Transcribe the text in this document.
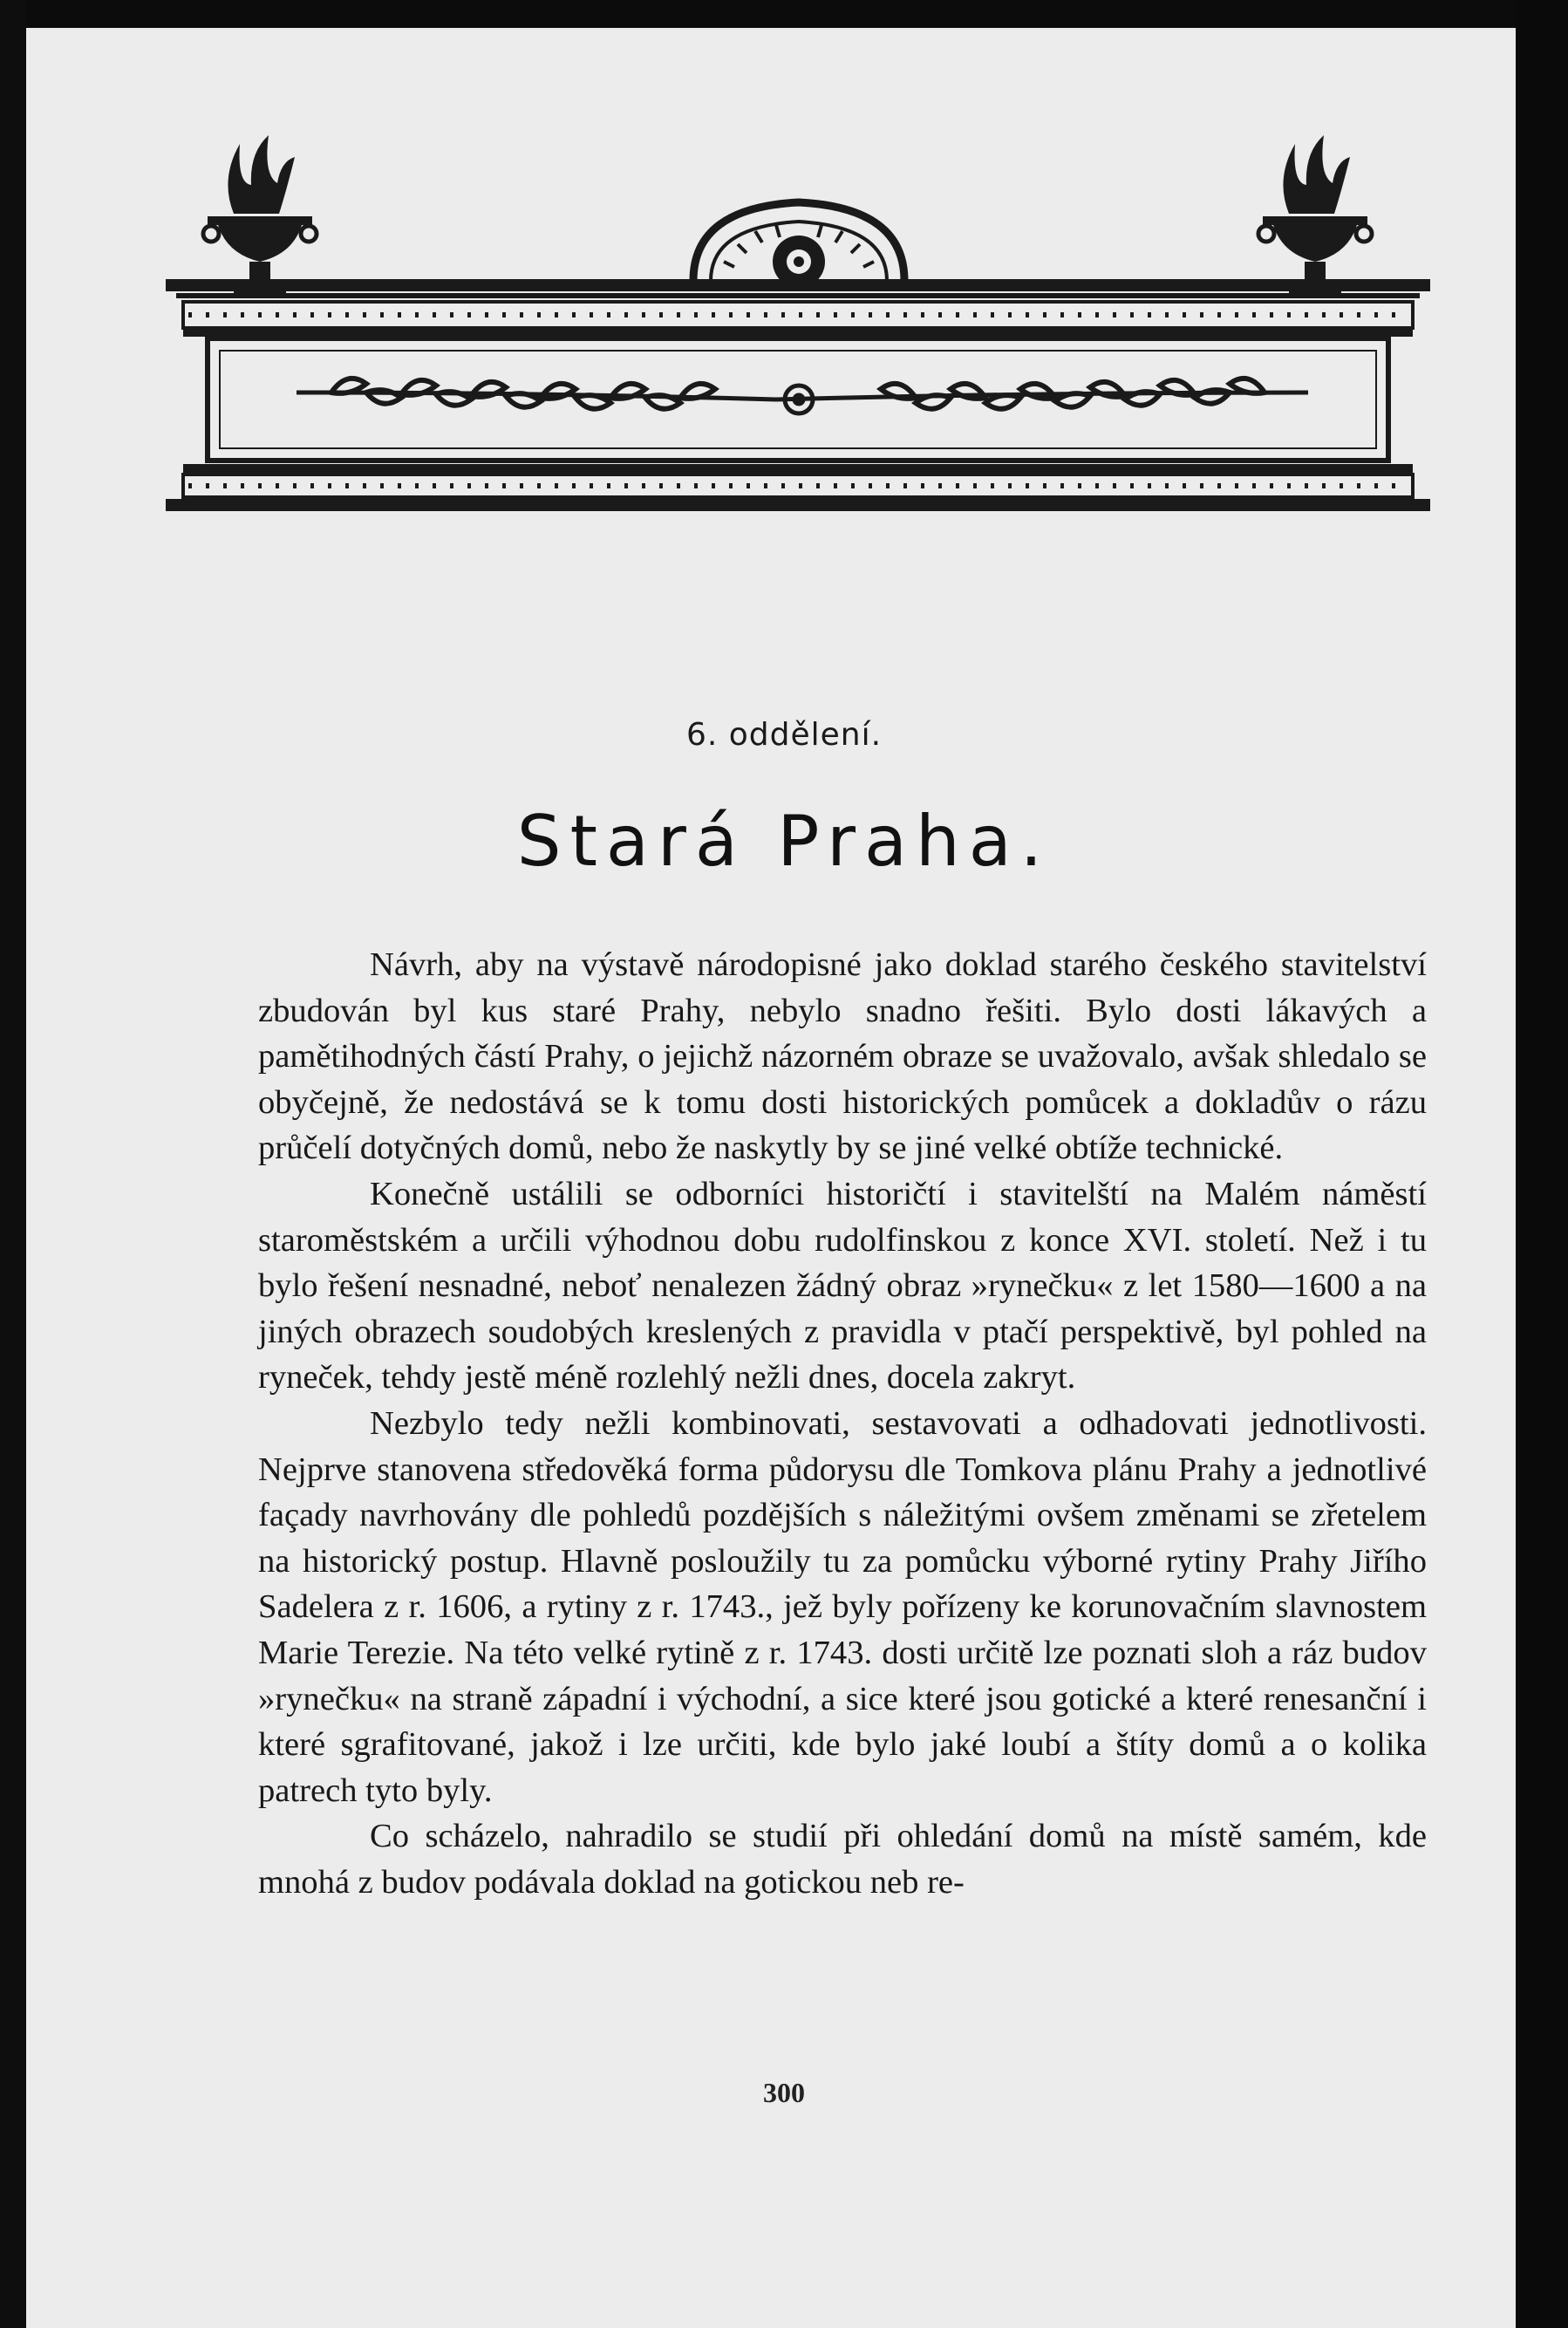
6. oddělení.
Stará Praha.

Návrh, aby na výstavě národopisné jako doklad starého českého stavitelství zbudován byl kus staré Prahy, nebylo snadno řešiti. Bylo dosti lákavých a pamětihodných částí Prahy, o jejichž názorném obraze se uvažovalo, avšak shledalo se obyčejně, že nedostává se k tomu dosti historických pomůcek a dokladův o rázu průčelí dotyčných domů, nebo že naskytly by se jiné velké obtíže technické.

Konečně ustálili se odborníci historičtí i stavitelští na Malém náměstí staroměstském a určili výhodnou dobu rudolfinskou z konce XVI. století. Než i tu bylo řešení nesnadné, neboť nenalezen žádný obraz »rynečku« z let 1580—1600 a na jiných obrazech soudobých kreslených z pravidla v ptačí perspektivě, byl pohled na ryneček, tehdy jestě méně rozlehlý nežli dnes, docela zakryt.

Nezbylo tedy nežli kombinovati, sestavovati a odhadovati jednotlivosti. Nejprve stanovena středověká forma půdorysu dle Tomkova plánu Prahy a jednotlivé façady navrhovány dle pohledů pozdějších s náležitými ovšem změnami se zřetelem na historický postup. Hlavně posloužily tu za pomůcku výborné rytiny Prahy Jiřího Sadelera z r. 1606, a rytiny z r. 1743., jež byly pořízeny ke korunovačním slavnostem Marie Terezie. Na této velké rytině z r. 1743. dosti určitě lze poznati sloh a ráz budov »rynečku« na straně západní i východní, a sice které jsou gotické a které renesanční i které sgrafitované, jakož i lze určiti, kde bylo jaké loubí a štíty domů a o kolika patrech tyto byly.

Co scházelo, nahradilo se studií při ohledání domů na místě samém, kde mnohá z budov podávala doklad na gotickou neb re-

300
